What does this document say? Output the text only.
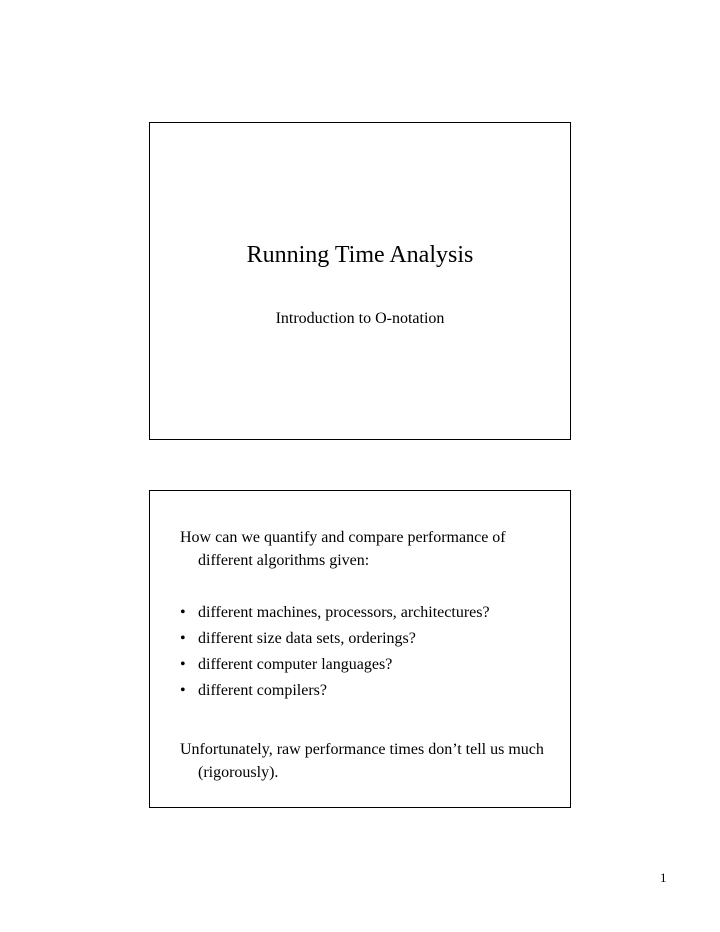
Running Time Analysis

Introduction to O-notation

How can we quantify and compare performance of different algorithms given:

• different machines, processors, architectures?
• different size data sets, orderings?
• different computer languages?
• different compilers?

Unfortunately, raw performance times don’t tell us much (rigorously).

1
